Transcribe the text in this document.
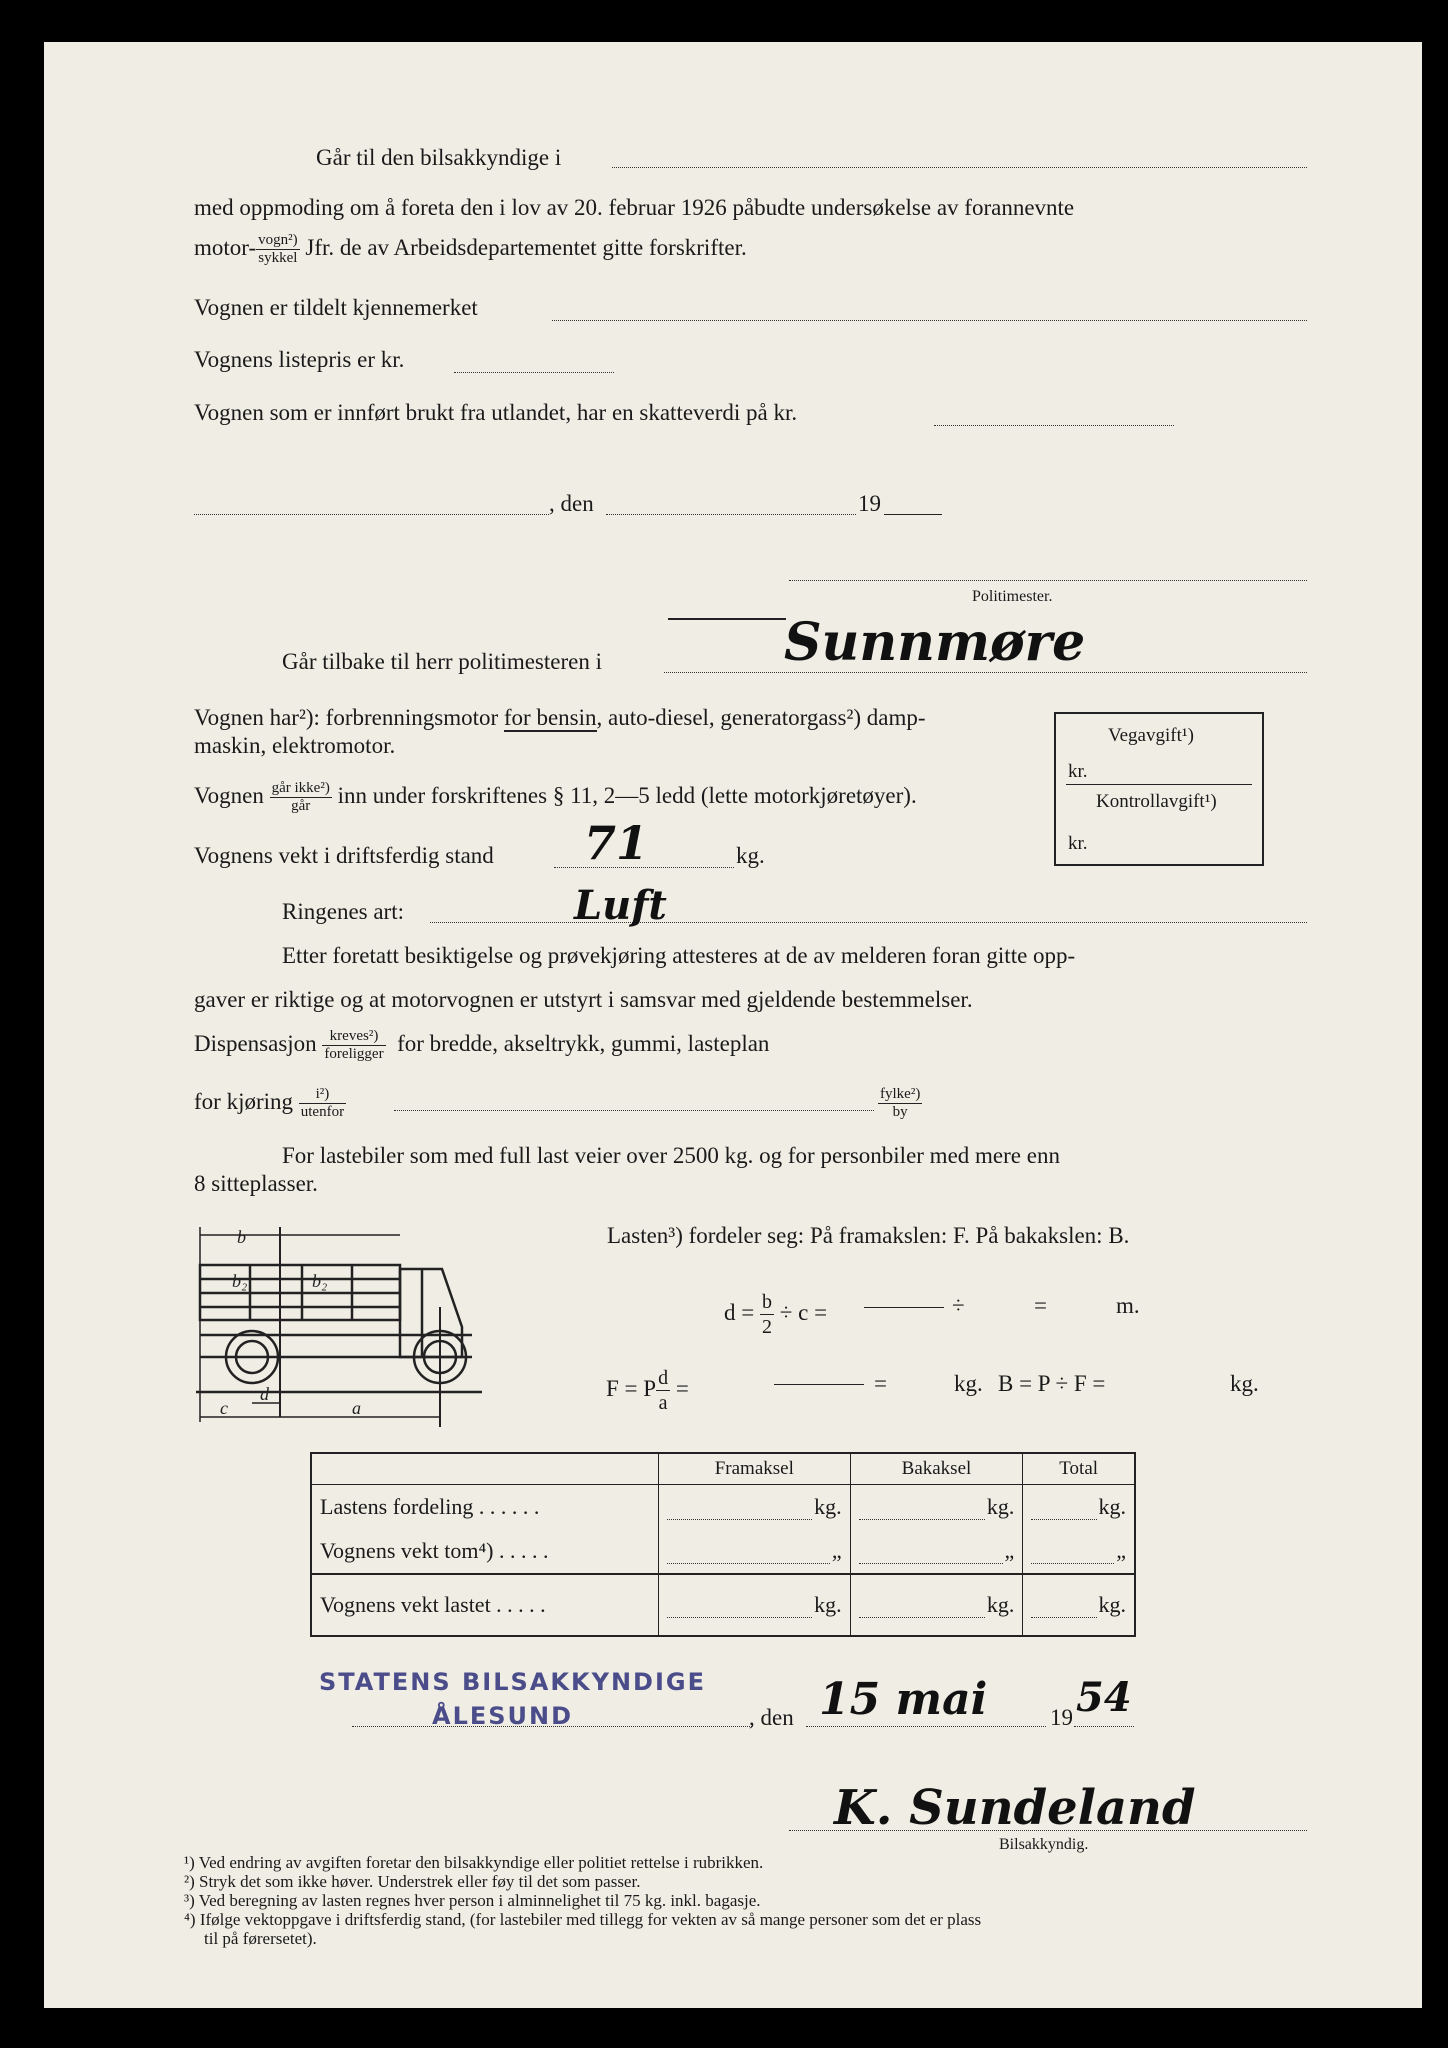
Går til den bilsakkyndige i
med oppmoding om å foreta den i lov av 20. februar 1926 påbudte undersøkelse av forannevnte
motor- $\frac{\text{vogn²)}}{\text{sykkel}}$ Jfr. de av Arbeidsdepartementet gitte forskrifter.
Vognen er tildelt kjennemerket
Vognens listepris er kr.
Vognen som er innført brukt fra utlandet, har en skatteverdi på kr.
, den	19
Politimester.
Går tilbake til herr politimesteren i	Sunnmøre
Vognen har²): forbrenningsmotor for bensin, auto-diesel, generatorgass²) damp-
maskin, elektromotor.	Vegavgift¹)
kr.
Kontrollavgift¹)
kr.
Vognen $\frac{\text{går ikke²)}}{\text{går}}$ inn under forskriftenes § 11, 2—5 ledd (lette motorkjøretøyer).
Vognens vekt i driftsferdig stand 71	kg.
Ringenes art:	Luft
Etter foretatt besiktigelse og prøvekjøring attesteres at de av melderen foran gitte opp-
gaver er riktige og at motorvognen er utstyrt i samsvar med gjeldende bestemmelser.
Dispensasjon $\frac{\text{kreves²)}}{\text{foreligger}}$ for bredde, akseltrykk, gummi, lasteplan
for kjøring $\frac{\text{i²)}}{\text{utenfor}}$	$\frac{\text{fylke²)}}{by}$
For lastebiler som med full last veier over 2500 kg. og for personbiler med mere enn
8 sitteplasser.
b
b₂	b₂
d
c	a
Lasten³) fordeler seg: På framakslen: F. På bakakslen: B.
$d = \frac{b}{2} \div c$ =	÷	=	m.
F = P $\frac{d}{a}$ =	=	kg. B = P ÷ F =	kg.
	Framaksel	Bakaksel	Total
Lastens fordeling . . . . . .	kg.	kg.	kg.

Vognens vekt tom⁴) . . . . .	„	„	„

Vognens vekt lastet . . . . .	kg.	kg.	kg.
STATENS BILSAKKYNDIGE
ÅLESUND	, den 15 mai	19 54
K. Sundeland
Bilsakkyndig.
¹) Ved endring av avgiften foretar den bilsakkyndige eller politiet rettelse i rubrikken.
²) Stryk det som ikke høver. Understrek eller føy til det som passer.
³) Ved beregning av lasten regnes hver person i alminnelighet til 75 kg. inkl. bagasje.
⁴) Ifølge vektoppgave i driftsferdig stand, (for lastebiler med tillegg for vekten av så mange personer som det er plass
til på førersetet).
